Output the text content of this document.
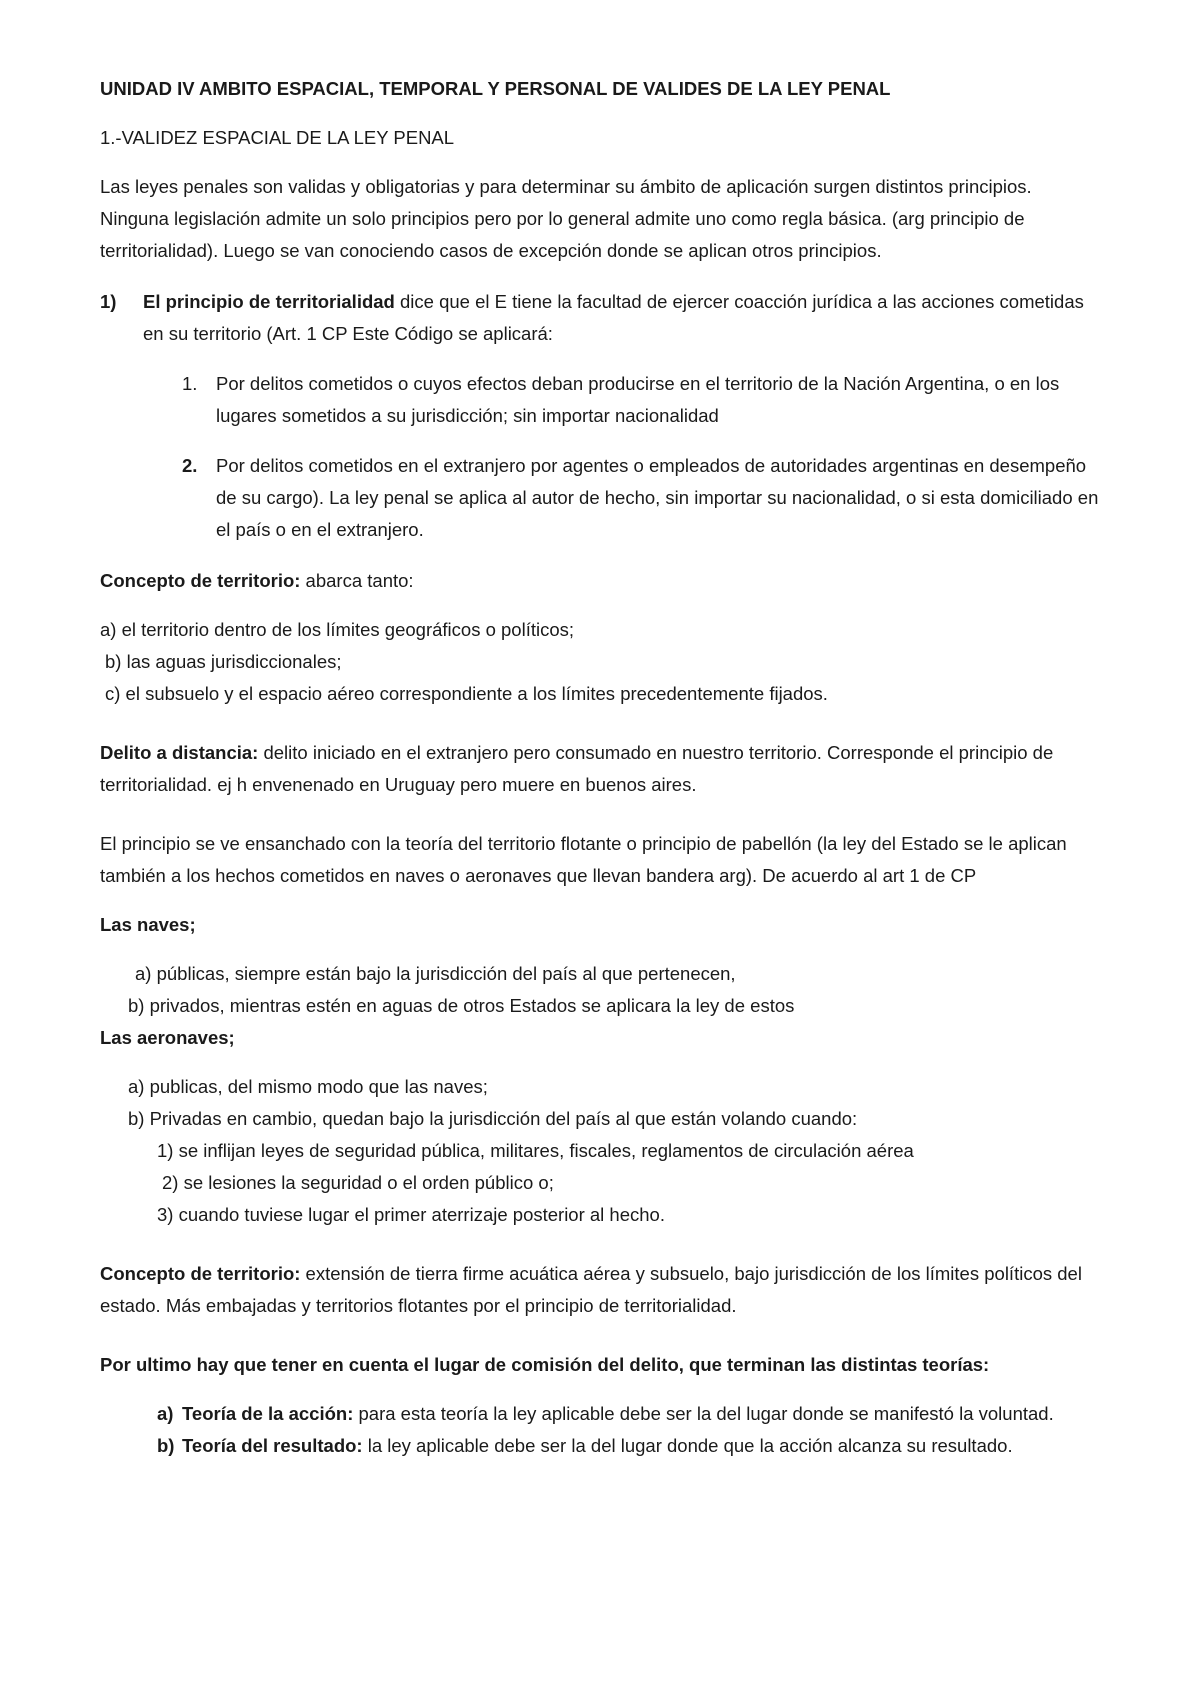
UNIDAD IV AMBITO ESPACIAL, TEMPORAL Y PERSONAL DE VALIDES DE LA LEY PENAL

1.-VALIDEZ ESPACIAL DE LA LEY PENAL

Las leyes penales son validas y obligatorias y para determinar su ámbito de aplicación surgen distintos principios. Ninguna legislación admite un solo principios pero por lo general admite uno como regla básica. (arg principio de territorialidad). Luego se van conociendo casos de excepción donde se aplican otros principios.

1) El principio de territorialidad dice que el E tiene la facultad de ejercer coacción jurídica a las acciones cometidas en su territorio (Art. 1 CP Este Código se aplicará:
1. Por delitos cometidos o cuyos efectos deban producirse en el territorio de la Nación Argentina, o en los lugares sometidos a su jurisdicción; sin importar nacionalidad
2. Por delitos cometidos en el extranjero por agentes o empleados de autoridades argentinas en desempeño de su cargo). La ley penal se aplica al autor de hecho, sin importar su nacionalidad, o si esta domiciliado en el país o en el extranjero.

Concepto de territorio: abarca tanto:

a) el territorio dentro de los límites geográficos o políticos;
b) las aguas jurisdiccionales;
c) el subsuelo y el espacio aéreo correspondiente a los límites precedentemente fijados.

Delito a distancia: delito iniciado en el extranjero pero consumado en nuestro territorio. Corresponde el principio de territorialidad. ej h envenenado en Uruguay pero muere en buenos aires.

El principio se ve ensanchado con la teoría del territorio flotante o principio de pabellón (la ley del Estado se le aplican también a los hechos cometidos en naves o aeronaves que llevan bandera arg). De acuerdo al art 1 de CP

Las naves;

a) públicas, siempre están bajo la jurisdicción del país al que pertenecen,
b) privados, mientras estén en aguas de otros Estados se aplicara la ley de estos

Las aeronaves;

a) publicas, del mismo modo que las naves;
b) Privadas en cambio, quedan bajo la jurisdicción del país al que están volando cuando:
1) se inflijan leyes de seguridad pública, militares, fiscales, reglamentos de circulación aérea
2) se lesiones la seguridad o el orden público o;
3) cuando tuviese lugar el primer aterrizaje posterior al hecho.

Concepto de territorio: extensión de tierra firme acuática aérea y subsuelo, bajo jurisdicción de los límites políticos del estado. Más embajadas y territorios flotantes por el principio de territorialidad.

Por ultimo hay que tener en cuenta el lugar de comisión del delito, que terminan las distintas teorías:

a) Teoría de la acción: para esta teoría la ley aplicable debe ser la del lugar donde se manifestó la voluntad.
b) Teoría del resultado: la ley aplicable debe ser la del lugar donde que la acción alcanza su resultado.
